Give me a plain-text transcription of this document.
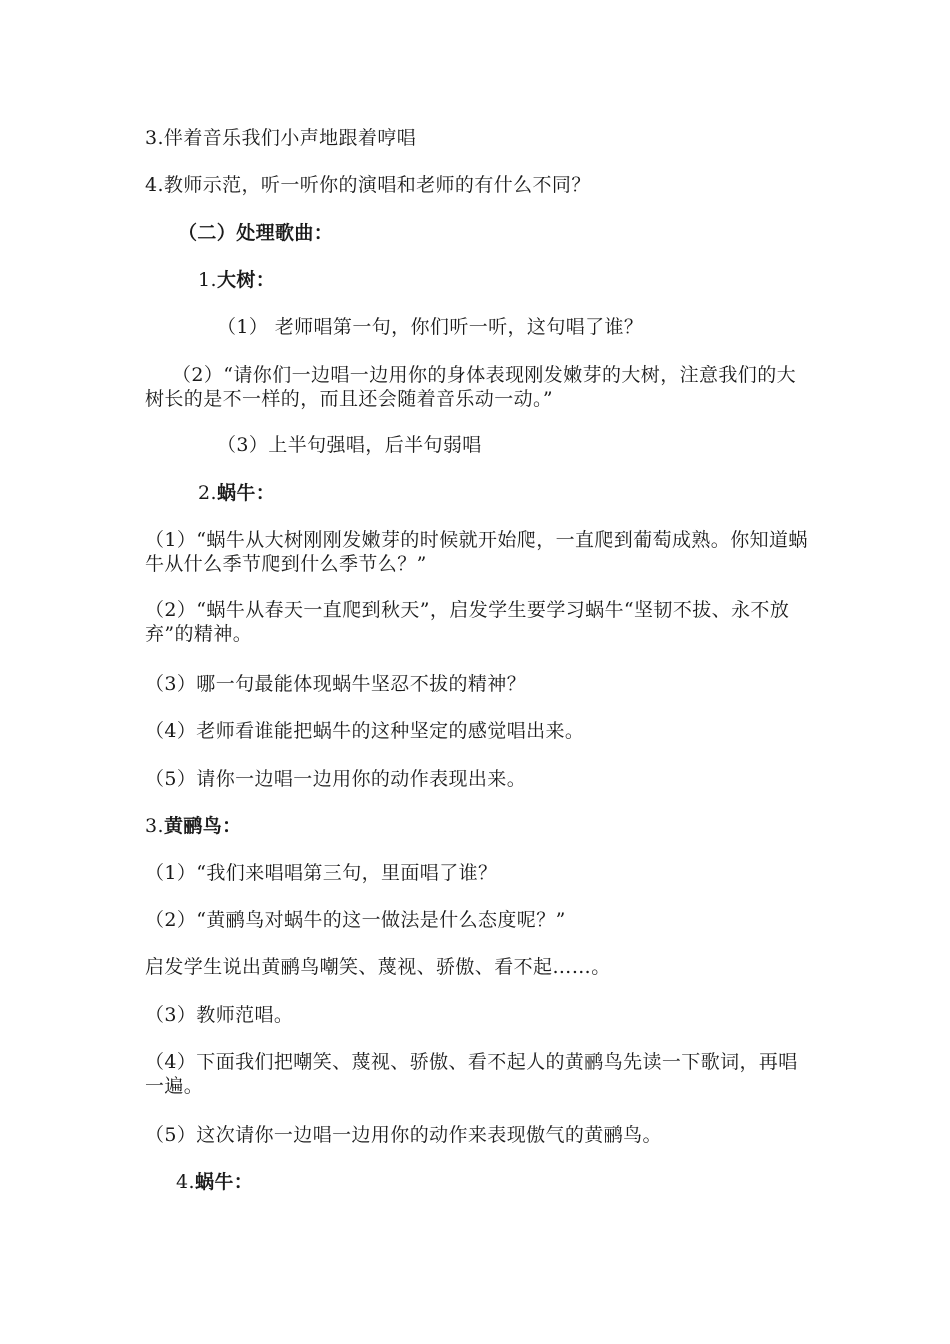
3.伴着音乐我们小声地跟着哼唱
4.教师示范，听一听你的演唱和老师的有什么不同？
（二）处理歌曲：
1.大树：
（1） 老师唱第一句，你们听一听，这句唱了谁？
（2）“请你们一边唱一边用你的身体表现刚发嫩芽的大树，注意我们的大树长的是不一样的，而且还会随着音乐动一动。”
（3）上半句强唱，后半句弱唱
2.蜗牛：
（1）“蜗牛从大树刚刚发嫩芽的时候就开始爬，一直爬到葡萄成熟。你知道蜗牛从什么季节爬到什么季节么？”
（2）“蜗牛从春天一直爬到秋天”，启发学生要学习蜗牛“坚韧不拔、永不放弃”的精神。
（3）哪一句最能体现蜗牛坚忍不拔的精神？
（4）老师看谁能把蜗牛的这种坚定的感觉唱出来。
（5）请你一边唱一边用你的动作表现出来。
3.黄鹂鸟：
（1）“我们来唱唱第三句，里面唱了谁？
（2）“黄鹂鸟对蜗牛的这一做法是什么态度呢？”
启发学生说出黄鹂鸟嘲笑、蔑视、骄傲、看不起……。
（3）教师范唱。
（4）下面我们把嘲笑、蔑视、骄傲、看不起人的黄鹂鸟先读一下歌词，再唱一遍。
（5）这次请你一边唱一边用你的动作来表现傲气的黄鹂鸟。
4.蜗牛：
